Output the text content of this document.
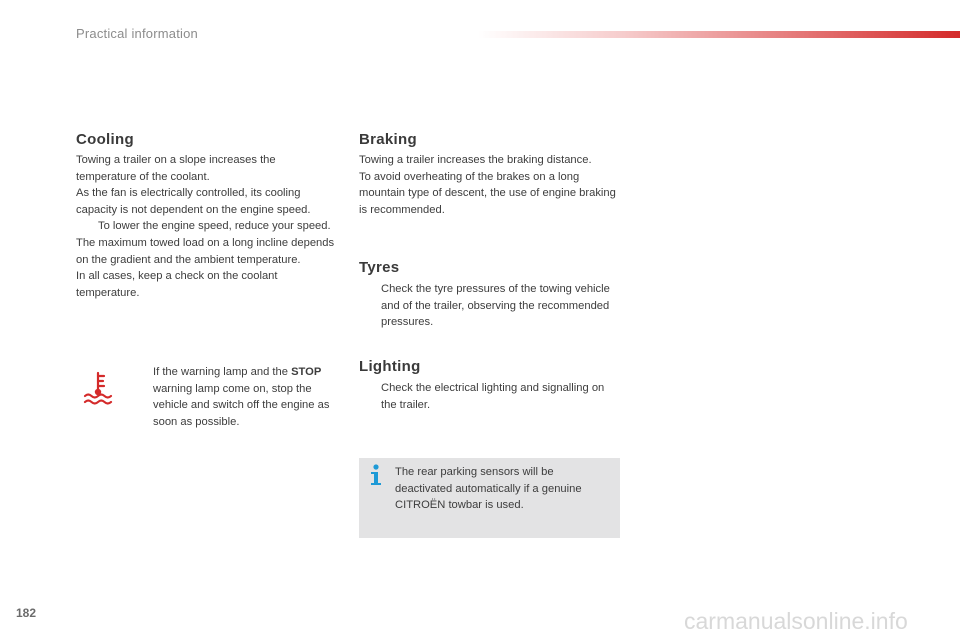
Practical information
Cooling

Towing a trailer on a slope increases the temperature of the coolant.

As the fan is electrically controlled, its cooling capacity is not dependent on the engine speed.

To lower the engine speed, reduce your speed.

The maximum towed load on a long incline depends on the gradient and the ambient temperature.

In all cases, keep a check on the coolant temperature.

If the warning lamp and the STOP warning lamp come on, stop the vehicle and switch off the engine as soon as possible.
Braking

Towing a trailer increases the braking distance.

To avoid overheating of the brakes on a long mountain type of descent, the use of engine braking is recommended.

Tyres
Check the tyre pressures of the towing vehicle and of the trailer, observing the recommended pressures.
Lighting
Check the electrical lighting and signalling on the trailer.
The rear parking sensors will be deactivated automatically if a genuine CITROËN towbar is used.
182	carmanualsonline.info
